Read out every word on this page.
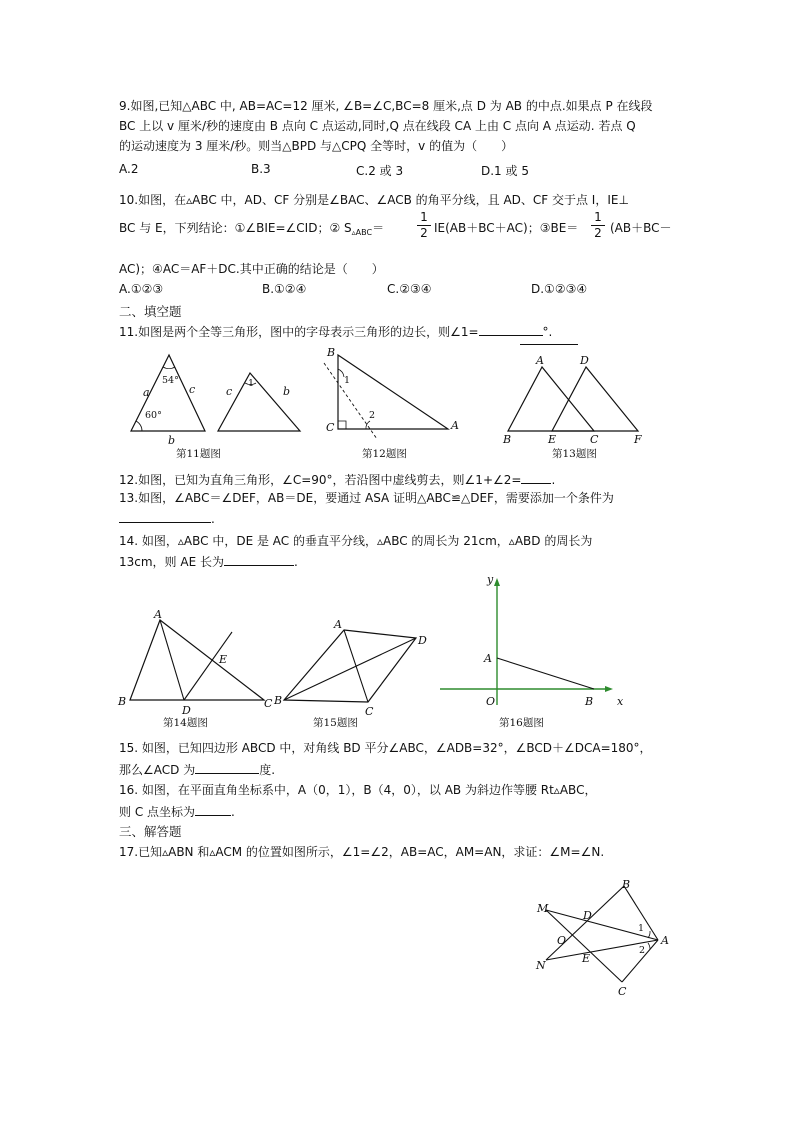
9.如图,已知△ABC 中, AB=AC=12 厘米, ∠B=∠C,BC=8 厘米,点 D 为 AB 的中点.如果点 P 在线段
BC 上以 v 厘米/秒的速度由 B 点向 C 点运动,同时,Q 点在线段 CA 上由 C 点向 A 点运动. 若点 Q
的运动速度为 3 厘米/秒。则当△BPD 与△CPQ 全等时，v 的值为（　　）
A.2	B.3	C.2 或 3	D.1 或 5
10.如图，在▵ABC 中，AD、CF 分别是∠BAC、∠ACB 的角平分线，且 AD、CF 交于点 I，IE⊥
BC 与 E，下列结论：①∠BIE=∠CID；② $S_{▵ABC}=$	$\frac{1}{2} IE(AB+BC+AC)$；③BE＝ $\frac{1}{2} (AB+BC-$
AC)；④AC＝AF＋DC.其中正确的结论是（　　）
A.①②③	B.①②④	C.②③④	D.①②③④
二、填空题
11.如图是两个全等三角形，图中的字母表示三角形的边长，则∠1=	°.
a	c
b
54°
60°
c	b
1
第11题图
B
C	A
1
2
第12题图
A	D
B	E	C	F
第13题图
12.如图，已知为直角三角形，∠C=90°，若沿图中虚线剪去，则∠1+∠2=	.
13.如图，∠ABC＝∠DEF，AB＝DE，要通过 ASA 证明△ABC≌△DEF，需要添加一个条件为
.
14. 如图，▵ABC 中，DE 是 AC 的垂直平分线，▵ABC 的周长为 21cm，▵ABD 的周长为
13cm，则 AE 长为	.
A
E
B
D
C
第14题图
A
D
B
C
第15题图
y
A
O	B x
第16题图
15. 如图，已知四边形 ABCD 中，对角线 BD 平分∠ABC，∠ADB=32°，∠BCD＋∠DCA=180°，
那么∠ACD 为	度.
16. 如图，在平面直角坐标系中，A（0，1），B（4，0），以 AB 为斜边作等腰 Rt▵ABC，
则 C 点坐标为	.
三、解答题
17.已知▵ABN 和▵ACM 的位置如图所示，∠1=∠2，AB=AC，AM=AN，求证：∠M=∠N.
B
M
D
1
O	A
2
N
E
C
